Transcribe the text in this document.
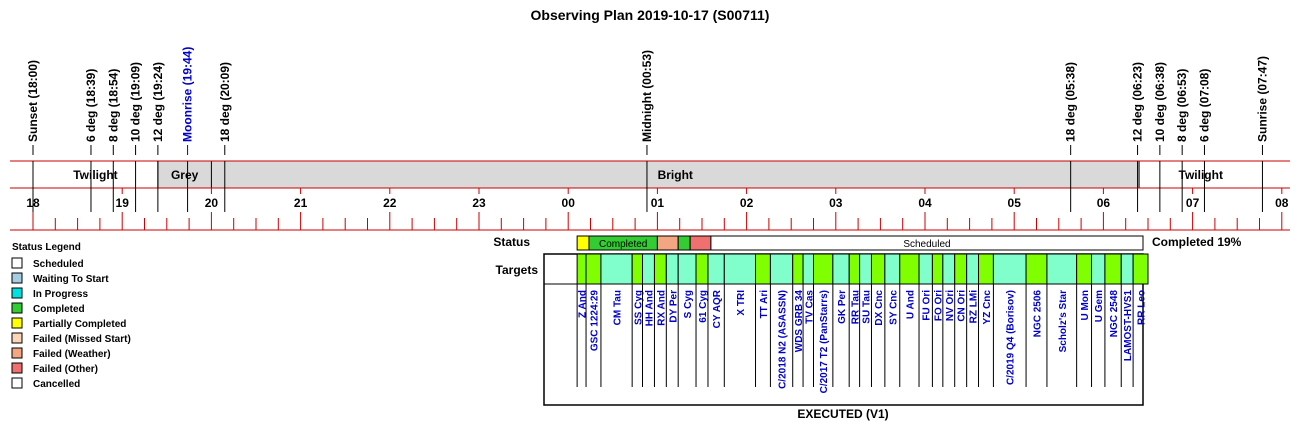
Observing Plan 2019-10-17 (S00711)
Status
Targets
Completed 19%
EXECUTED (V1)
Status Legend
Twilight	Grey	Bright	Twilight
18	19	20	21	22	23	00	01	02	03	04	05	06	07	08
Sunset (18:00)	6 deg (18:39) 8 deg (18:54) 10 deg (19:09) 12 deg (19:24) Moonrise (19:44) 18 deg (20:09)	Midnight (00:53)	18 deg (05:38)	12 deg (06:23) 10 deg (06:38) 8 deg (06:53) 6 deg (07:08)	Sunrise (07:47)
Completed	Scheduled
Z And GSC 1224:29 CM Tau SS Cyg HH And RX And DY Per S Cyg 61 Cyg CY AQR X TRI TT Ari C/2018 N2 (ASASSN) WDS GRB 34 TV Cas C/2017 T2 (PanStarrs) GK Per RR Tau SU Tau DX Cnc SY Cnc U And FU Ori FO Ori NV Ori CN Ori RZ LMi YZ Cnc C/2019 Q4 (Borisov) NGC 2506 Scholz's Star U Mon U Gem NGC 2548 LAMOST-HVS1 RR Leo
Scheduled
Waiting To Start
In Progress
Completed
Partially Completed
Failed (Missed Start)
Failed (Weather)
Failed (Other)
Cancelled
